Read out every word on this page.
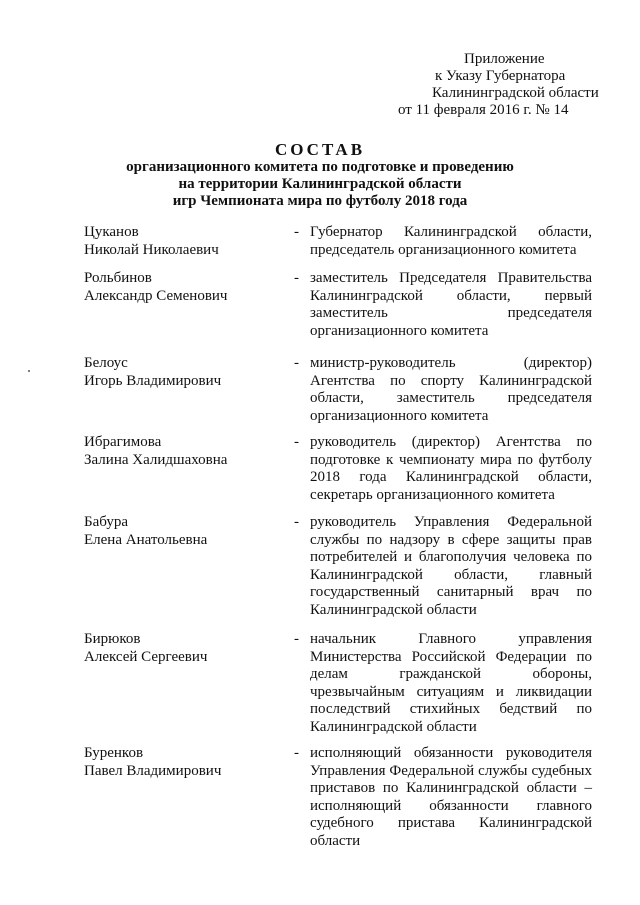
Приложение
к Указу Губернатора
Калининградской области
от 11 февраля 2016 г. № 14
СОСТАВ
организационного комитета по подготовке и проведению
на территории Калининградской области
игр Чемпионата мира по футболу 2018 года
Цуканов
Николай Николаевич
- Губернатор Калининградской области, председатель организационного комитета
Рольбинов
Александр Семенович
- заместитель Председателя Правительства Калининградской области, первый заместитель председателя организационного комитета
Белоус
Игорь Владимирович
- министр-руководитель (директор) Агентства по спорту Калининградской области, заместитель председателя организационного комитета
Ибрагимова
Залина Халидшаховна
- руководитель (директор) Агентства по подготовке к чемпионату мира по футболу 2018 года Калининградской области, секретарь организационного комитета
Бабура
Елена Анатольевна
- руководитель Управления Федеральной службы по надзору в сфере защиты прав потребителей и благополучия человека по Калининградской области, главный государственный санитарный врач по Калининградской области
Бирюков
Алексей Сергеевич
- начальник Главного управления Министерства Российской Федерации по делам гражданской обороны, чрезвычайным ситуациям и ликвидации последствий стихийных бедствий по Калининградской области
Буренков
Павел Владимирович
- исполняющий обязанности руководителя Управления Федеральной службы судебных приставов по Калининградской области – исполняющий обязанности главного судебного пристава Калининградской области
